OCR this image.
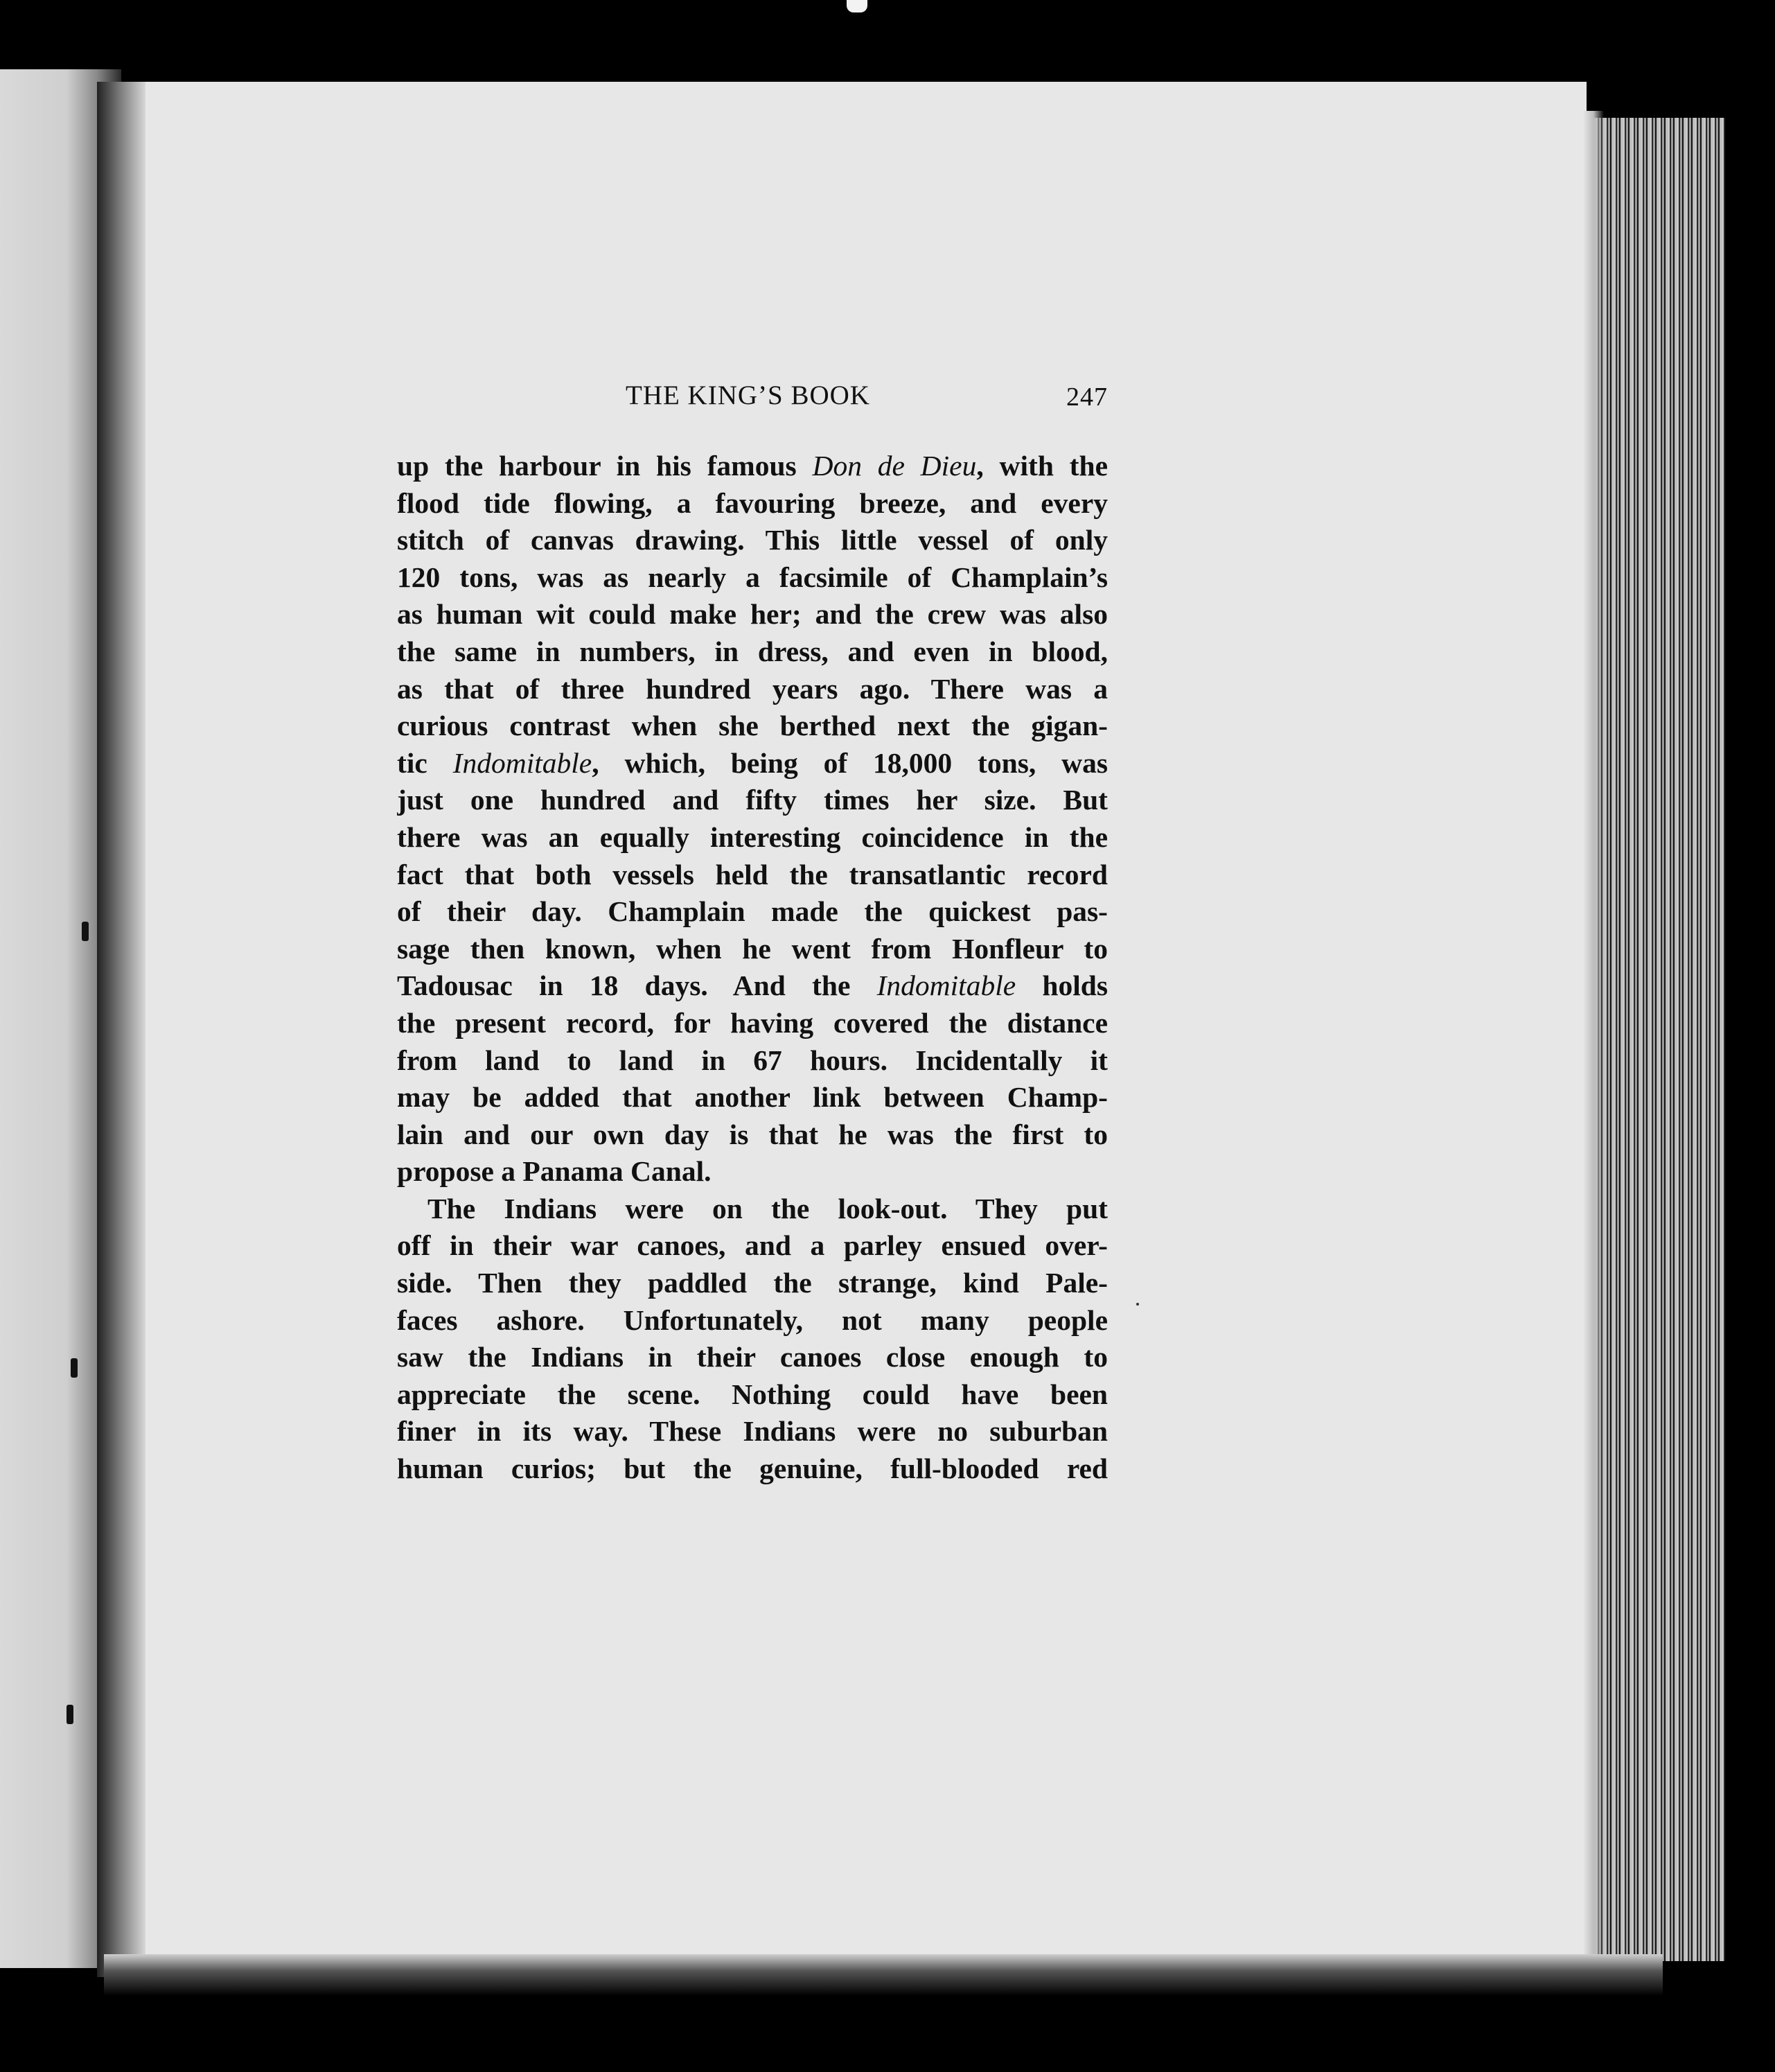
THE KING’S BOOK	247
up the harbour in his famous Don de Dieu, with the
flood tide flowing, a favouring breeze, and every
stitch of canvas drawing. This little vessel of only
120 tons, was as nearly a facsimile of Champlain’s
as human wit could make her; and the crew was also
the same in numbers, in dress, and even in blood,
as that of three hundred years ago. There was a
curious contrast when she berthed next the gigan-
tic Indomitable, which, being of 18,000 tons, was
just one hundred and fifty times her size. But
there was an equally interesting coincidence in the
fact that both vessels held the transatlantic record
of their day. Champlain made the quickest pas-
sage then known, when he went from Honfleur to
Tadousac in 18 days. And the Indomitable holds
the present record, for having covered the distance
from land to land in 67 hours. Incidentally it
may be added that another link between Champ-
lain and our own day is that he was the first to
propose a Panama Canal.
The Indians were on the look-out. They put
off in their war canoes, and a parley ensued over-
side. Then they paddled the strange, kind Pale-
faces ashore. Unfortunately, not many people
saw the Indians in their canoes close enough to
appreciate the scene. Nothing could have been
finer in its way. These Indians were no suburban
human curios; but the genuine, full-blooded red
